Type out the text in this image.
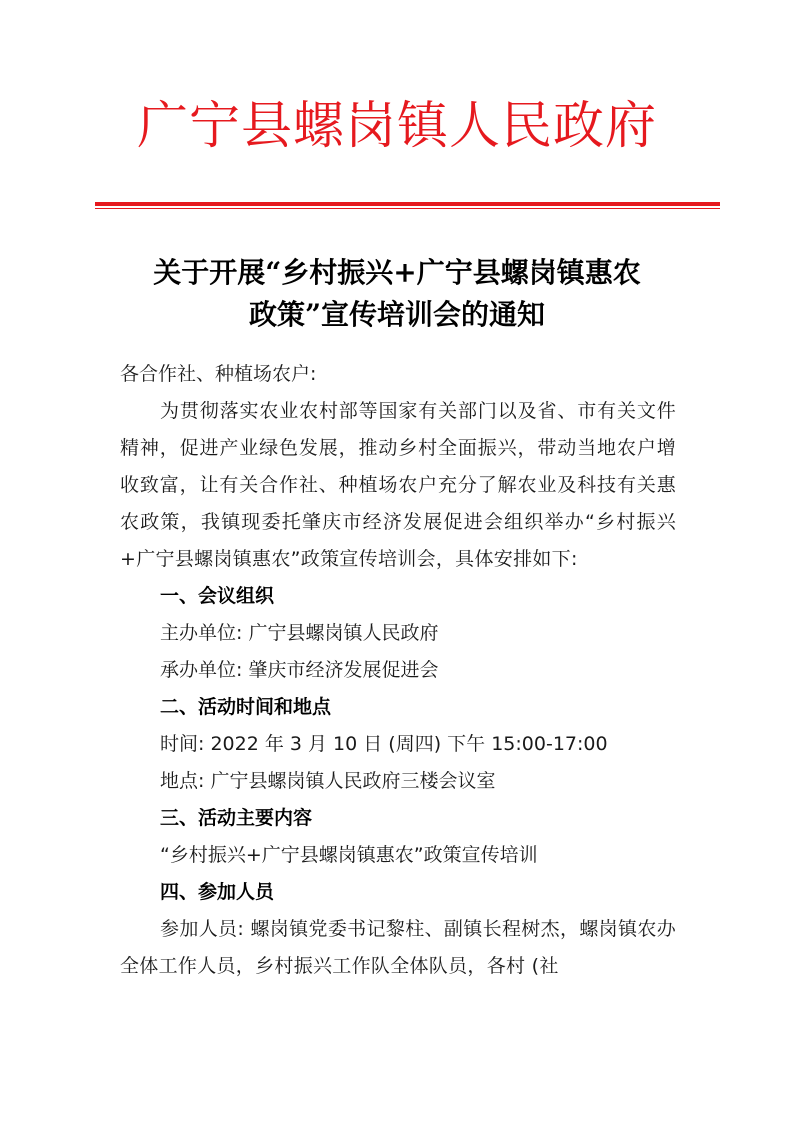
广宁县螺岗镇人民政府
关于开展“乡村振兴+广宁县螺岗镇惠农
政策”宣传培训会的通知
各合作社、种植场农户:

为贯彻落实农业农村部等国家有关部门以及省、市有关文件精神，促进产业绿色发展，推动乡村全面振兴，带动当地农户增收致富，让有关合作社、种植场农户充分了解农业及科技有关惠农政策，我镇现委托肇庆市经济发展促进会组织举办“乡村振兴+广宁县螺岗镇惠农”政策宣传培训会，具体安排如下:

一、会议组织
主办单位: 广宁县螺岗镇人民政府
承办单位: 肇庆市经济发展促进会
二、活动时间和地点
时间: 2022 年 3 月 10 日 (周四) 下午 15:00-17:00
地点: 广宁县螺岗镇人民政府三楼会议室
三、活动主要内容
“乡村振兴+广宁县螺岗镇惠农”政策宣传培训
四、参加人员

参加人员: 螺岗镇党委书记黎柱、副镇长程树杰，螺岗镇农办全体工作人员，乡村振兴工作队全体队员，各村 (社
